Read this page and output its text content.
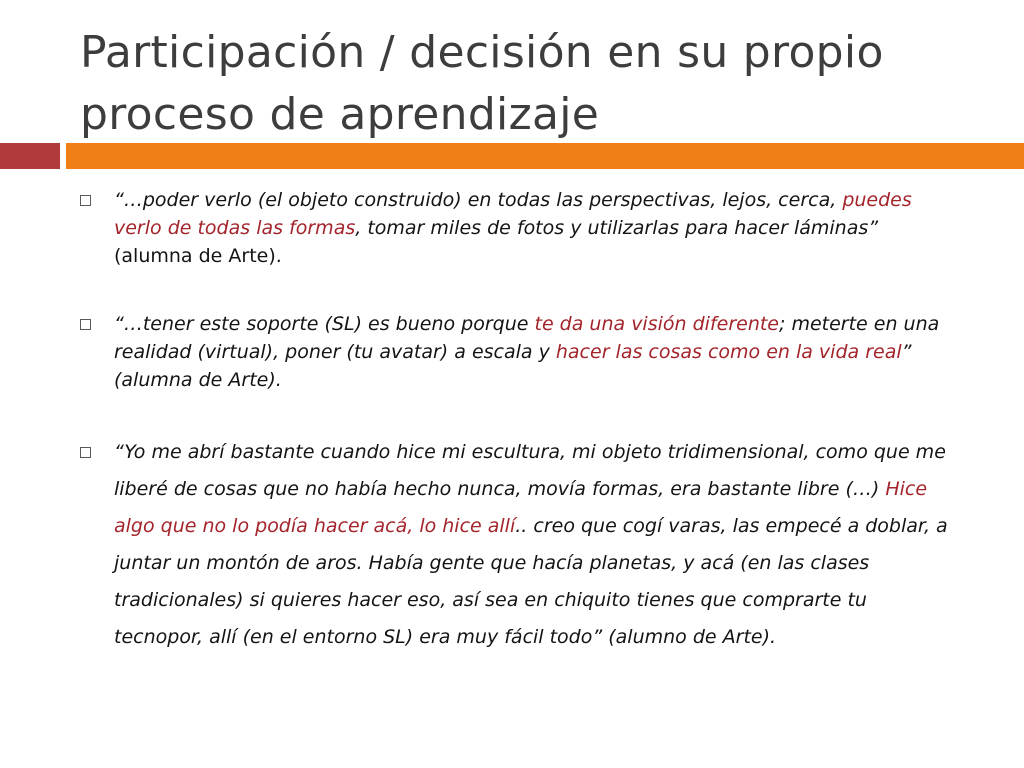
Participación / decisión en su propio proceso de aprendizaje
“…poder verlo (el objeto construido) en todas las perspectivas, lejos, cerca, puedes verlo de todas las formas, tomar miles de fotos y utilizarlas para hacer láminas” (alumna de Arte).
“…tener este soporte (SL) es bueno porque te da una visión diferente; meterte en una realidad (virtual), poner (tu avatar) a escala y hacer las cosas como en la vida real” (alumna de Arte).
“Yo me abrí bastante cuando hice mi escultura, mi objeto tridimensional, como que me liberé de cosas que no había hecho nunca, movía formas, era bastante libre (…) Hice algo que no lo podía hacer acá, lo hice allí.. creo que cogí varas, las empecé a doblar, a juntar un montón de aros. Había gente que hacía planetas, y acá (en las clases tradicionales) si quieres hacer eso, así sea en chiquito tienes que comprarte tu tecnopor, allí (en el entorno SL) era muy fácil todo” (alumno de Arte).
